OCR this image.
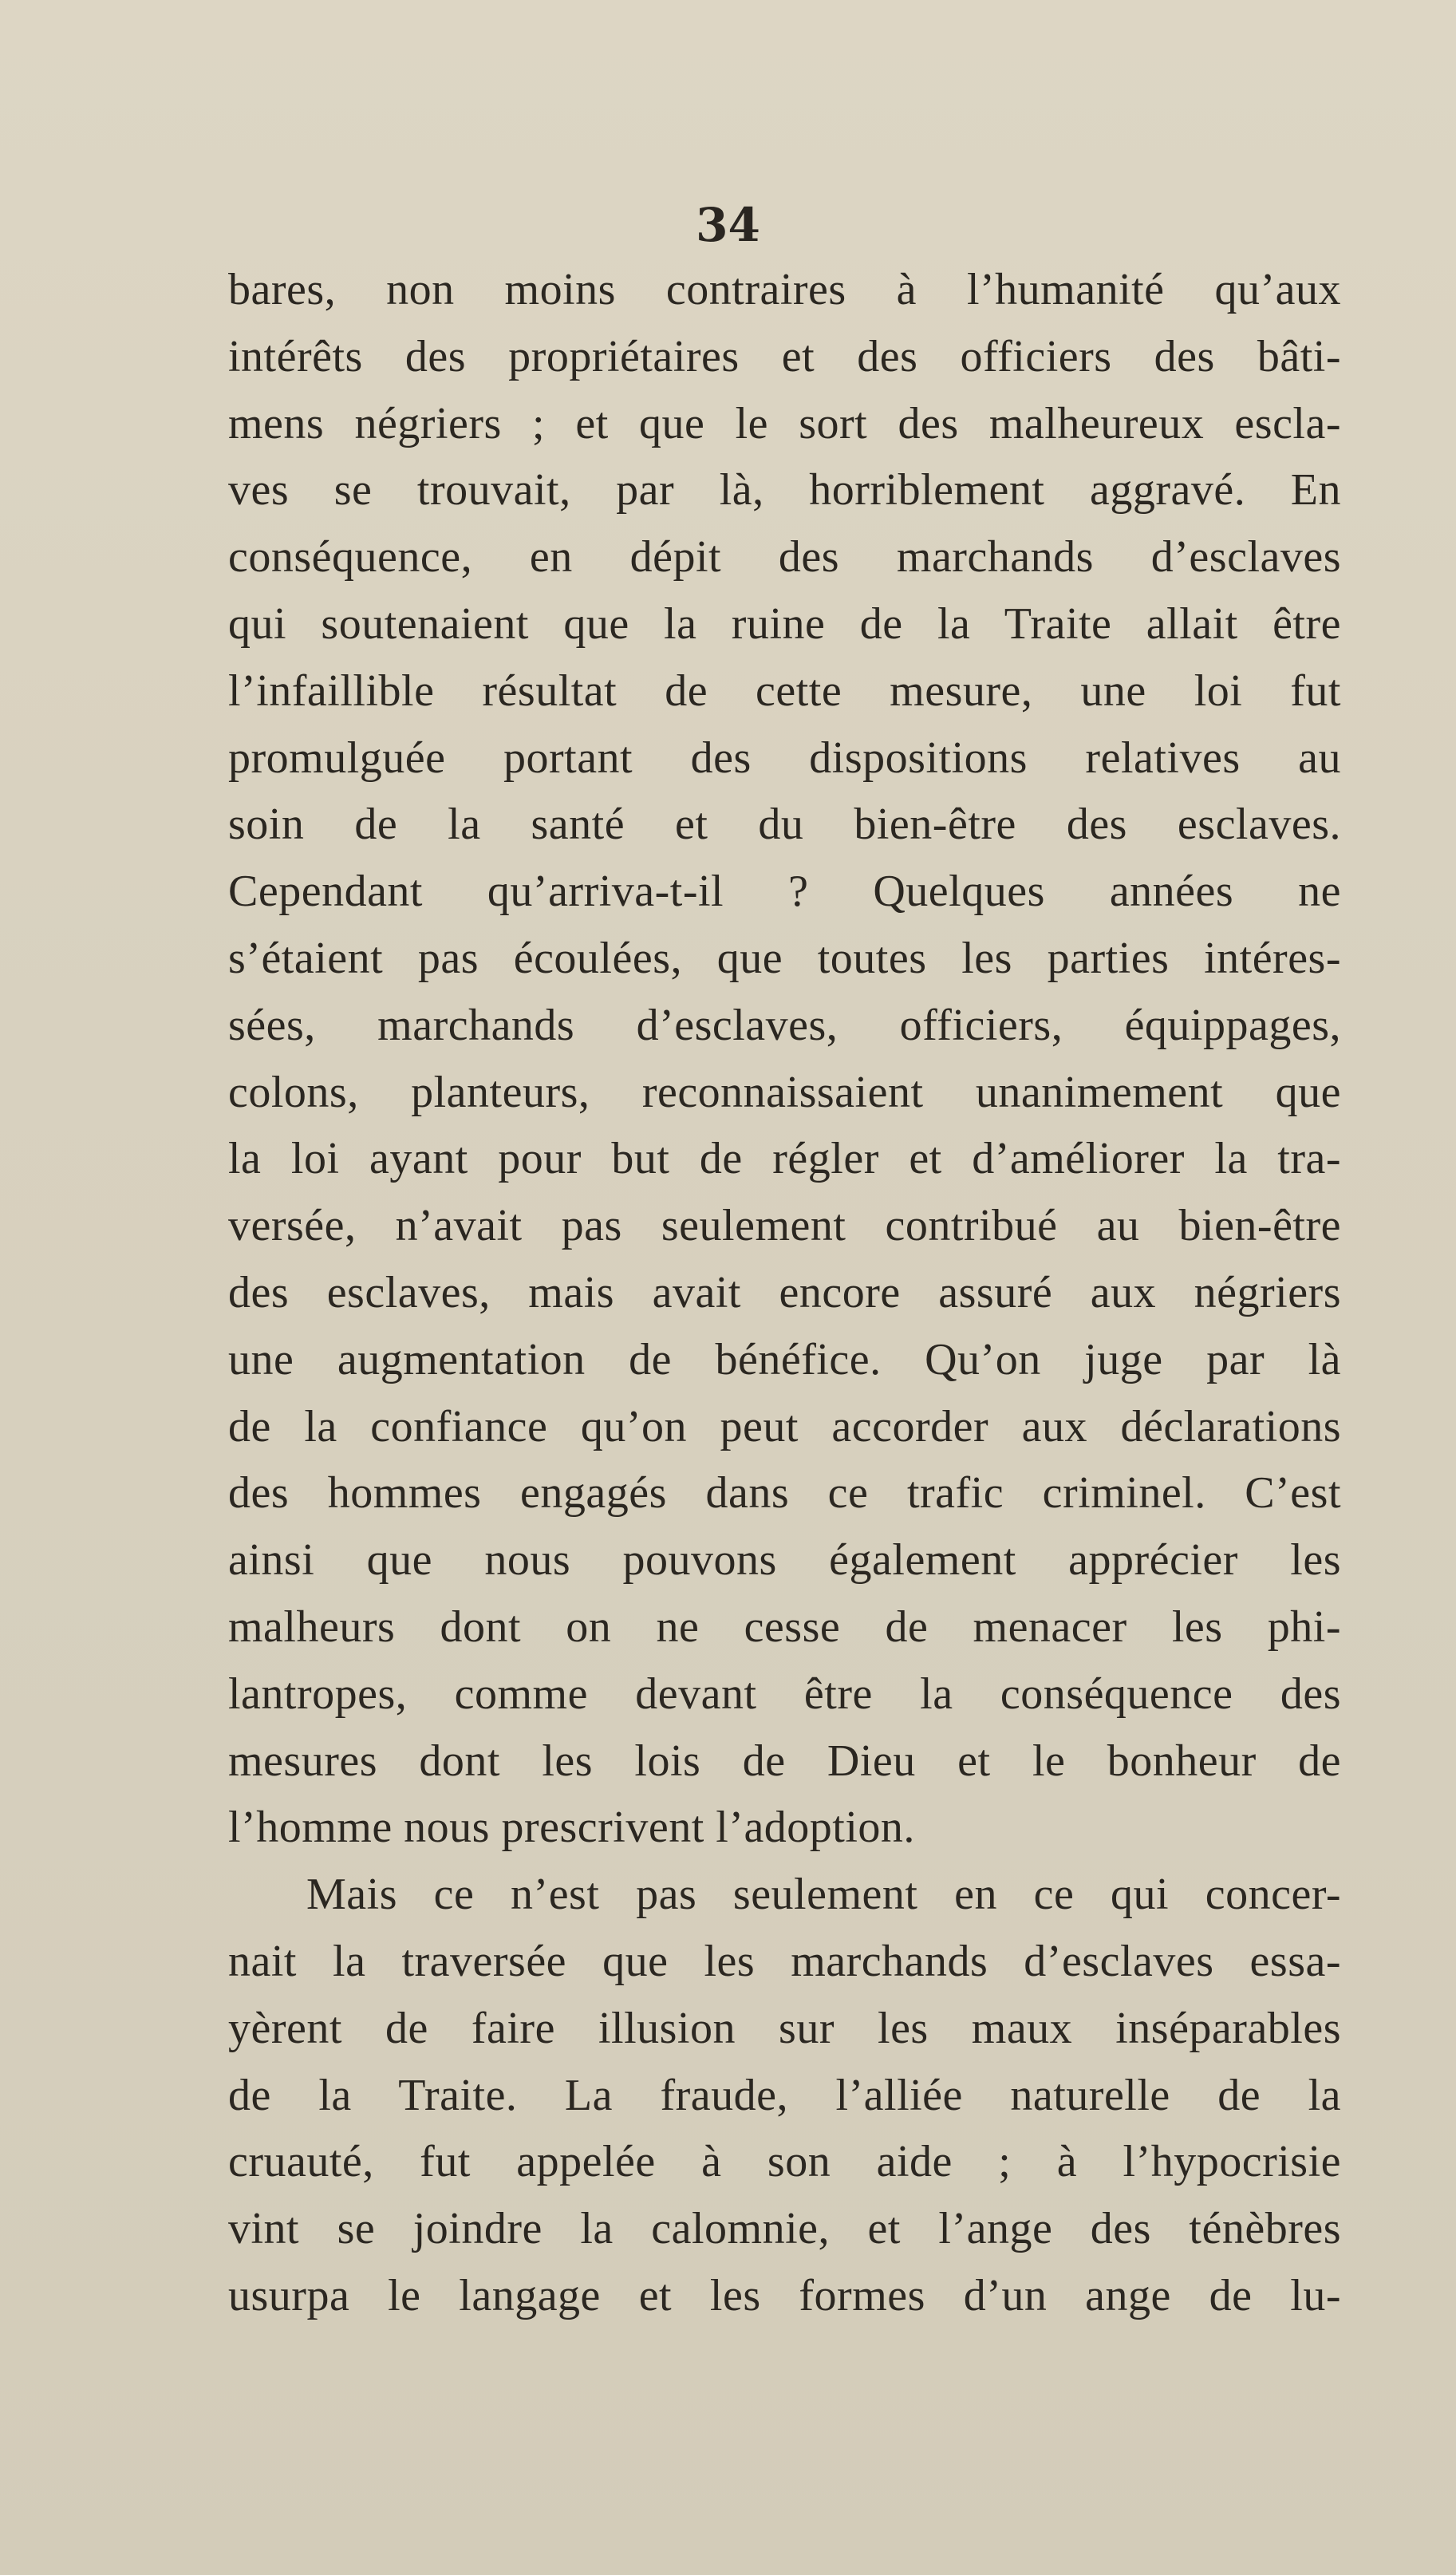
34
bares, non moins contraires à l’humanité qu’aux
intérêts des propriétaires et des officiers des bâti-
mens négriers ; et que le sort des malheureux escla-
ves se trouvait, par là, horriblement aggravé. En
conséquence, en dépit des marchands d’esclaves
qui soutenaient que la ruine de la Traite allait être
l’infaillible résultat de cette mesure, une loi fut
promulguée portant des dispositions relatives au
soin de la santé et du bien-être des esclaves.
Cependant qu’arriva-t-il ? Quelques années ne
s’étaient pas écoulées, que toutes les parties intéres-
sées, marchands d’esclaves, officiers, équippages,
colons, planteurs, reconnaissaient unanimement que
la loi ayant pour but de régler et d’améliorer la tra-
versée, n’avait pas seulement contribué au bien-être
des esclaves, mais avait encore assuré aux négriers
une augmentation de bénéfice. Qu’on juge par là
de la confiance qu’on peut accorder aux déclarations
des hommes engagés dans ce trafic criminel. C’est
ainsi que nous pouvons également apprécier les
malheurs dont on ne cesse de menacer les phi-
lantropes, comme devant être la conséquence des
mesures dont les lois de Dieu et le bonheur de
l’homme nous prescrivent l’adoption.
Mais ce n’est pas seulement en ce qui concer-
nait la traversée que les marchands d’esclaves essa-
yèrent de faire illusion sur les maux inséparables
de la Traite. La fraude, l’alliée naturelle de la
cruauté, fut appelée à son aide ; à l’hypocrisie
vint se joindre la calomnie, et l’ange des ténèbres
usurpa le langage et les formes d’un ange de lu-
